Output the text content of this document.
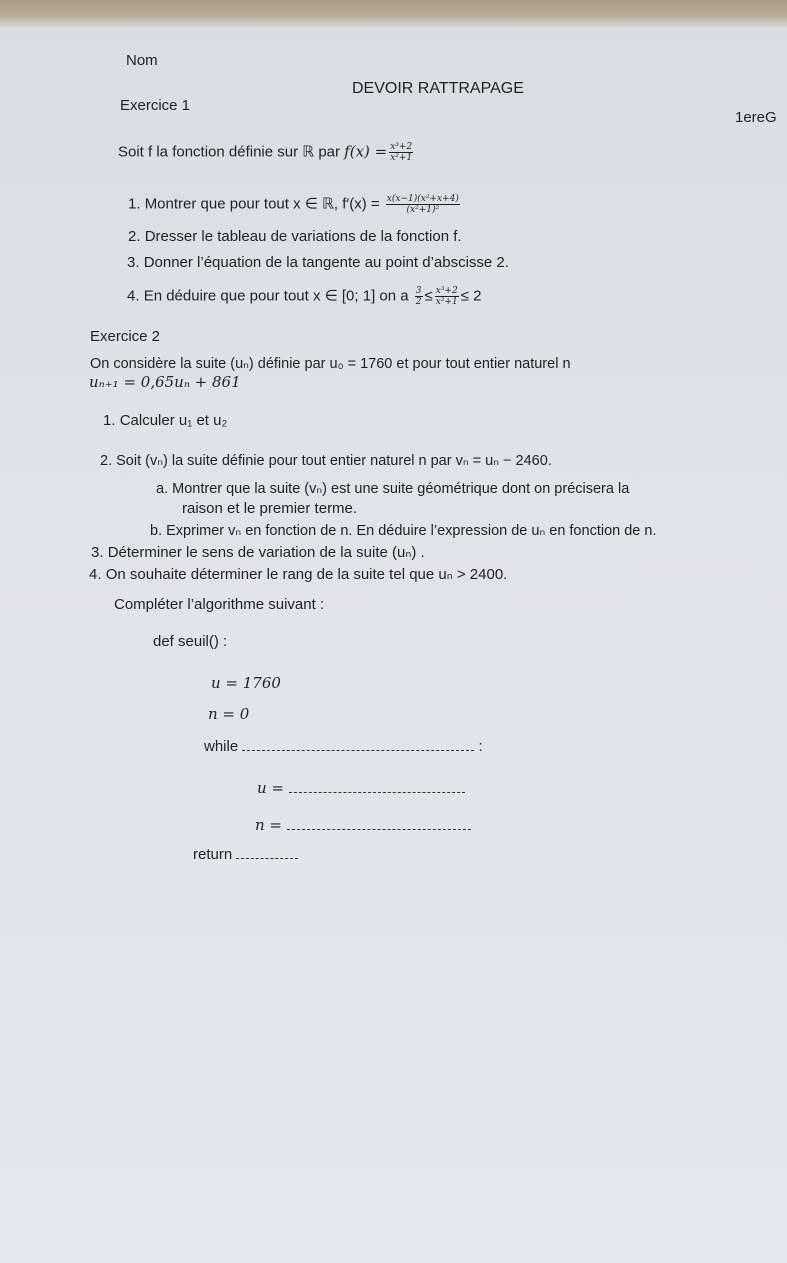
Nom
DEVOIR RATTRAPAGE
1ereG
Exercice 1
Soit f la fonction définie sur ℝ par $f(x) = \frac{\text{x³+2}}{\text{x²+1}}$
1. Montrer que pour tout x ∈ ℝ, $f'(x) = \frac{\text{x(x−1)(x²+x+4)}}{\text{(x²+1)²}}$
2. Dresser le tableau de variations de la fonction f.
3. Donner l’équation de la tangente au point d’abscisse 2.
4. En déduire que pour tout x ∈ [0; 1] on a $\frac{3}{2} \le \frac{\text{x³+2}}{\text{x²+1}} \le 2$
Exercice 2
On considère la suite (uₙ) définie par u₀ = 1760 et pour tout entier naturel n
uₙ₊₁ = 0,65uₙ + 861
1. Calculer u₁ et u₂
2. Soit (vₙ) la suite définie pour tout entier naturel n par vₙ = uₙ − 2460.
a. Montrer que la suite (vₙ) est une suite géométrique dont on précisera la
raison et le premier terme.
b. Exprimer vₙ en fonction de n. En déduire l’expression de uₙ en fonction de n.
3. Déterminer le sens de variation de la suite (uₙ) .
4. On souhaite déterminer le rang de la suite tel que uₙ > 2400.
Compléter l’algorithme suivant :
def seuil() :
u = 1760
n = 0
while	:
u =
n =
return
